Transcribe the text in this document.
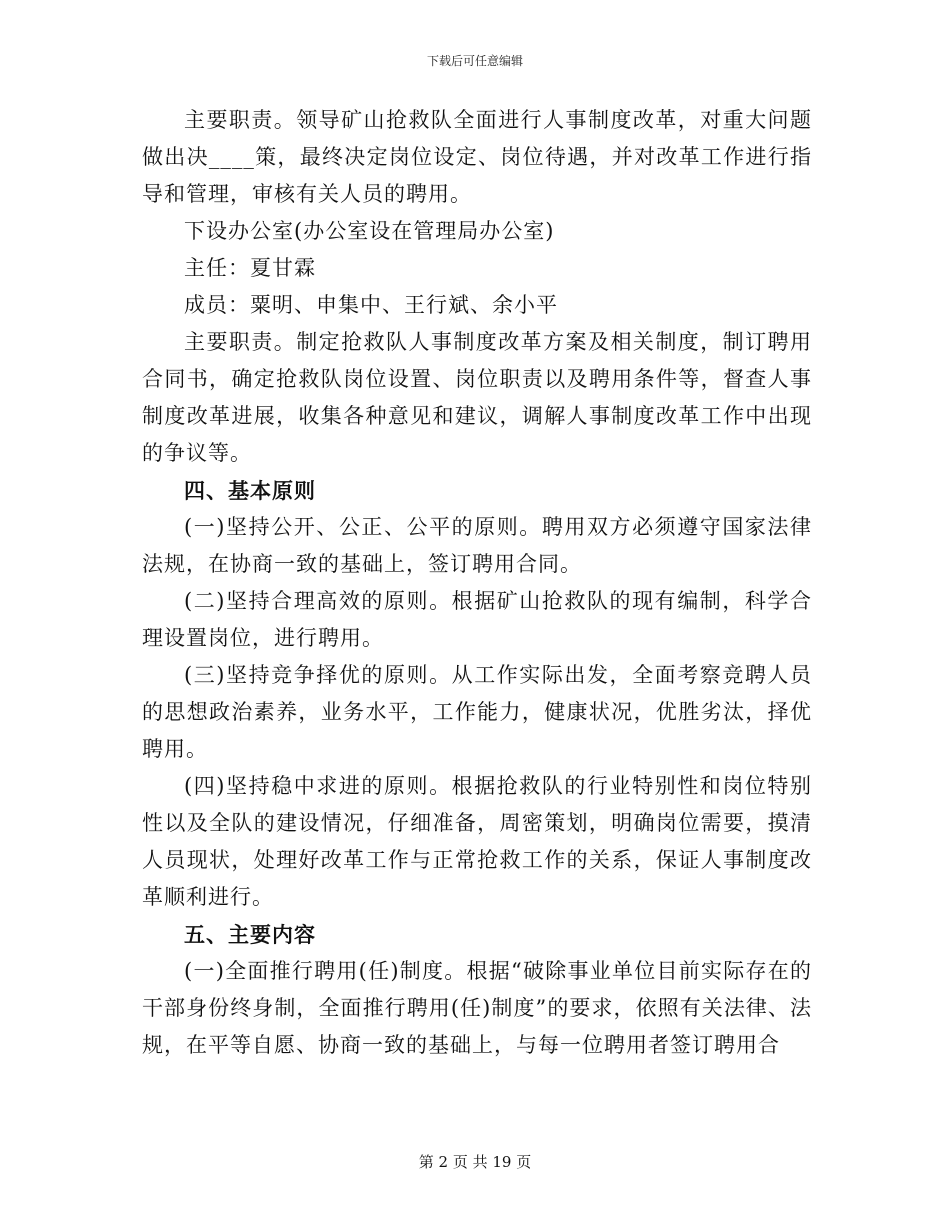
下载后可任意编辑

主要职责。领导矿山抢救队全面进行人事制度改革，对重大问题做出决____策，最终决定岗位设定、岗位待遇，并对改革工作进行指导和管理，审核有关人员的聘用。

下设办公室(办公室设在管理局办公室)

主任：夏甘霖

成员：粟明、申集中、王行斌、余小平

主要职责。制定抢救队人事制度改革方案及相关制度，制订聘用合同书，确定抢救队岗位设置、岗位职责以及聘用条件等，督查人事制度改革进展，收集各种意见和建议，调解人事制度改革工作中出现的争议等。

四、基本原则

(一)坚持公开、公正、公平的原则。聘用双方必须遵守国家法律法规，在协商一致的基础上，签订聘用合同。

(二)坚持合理高效的原则。根据矿山抢救队的现有编制，科学合理设置岗位，进行聘用。

(三)坚持竞争择优的原则。从工作实际出发，全面考察竞聘人员的思想政治素养，业务水平，工作能力，健康状况，优胜劣汰，择优聘用。

(四)坚持稳中求进的原则。根据抢救队的行业特别性和岗位特别性以及全队的建设情况，仔细准备，周密策划，明确岗位需要，摸清人员现状，处理好改革工作与正常抢救工作的关系，保证人事制度改革顺利进行。

五、主要内容

(一)全面推行聘用(任)制度。根据“破除事业单位目前实际存在的干部身份终身制，全面推行聘用(任)制度”的要求，依照有关法律、法规，在平等自愿、协商一致的基础上，与每一位聘用者签订聘用合

第 2 页 共 19 页
